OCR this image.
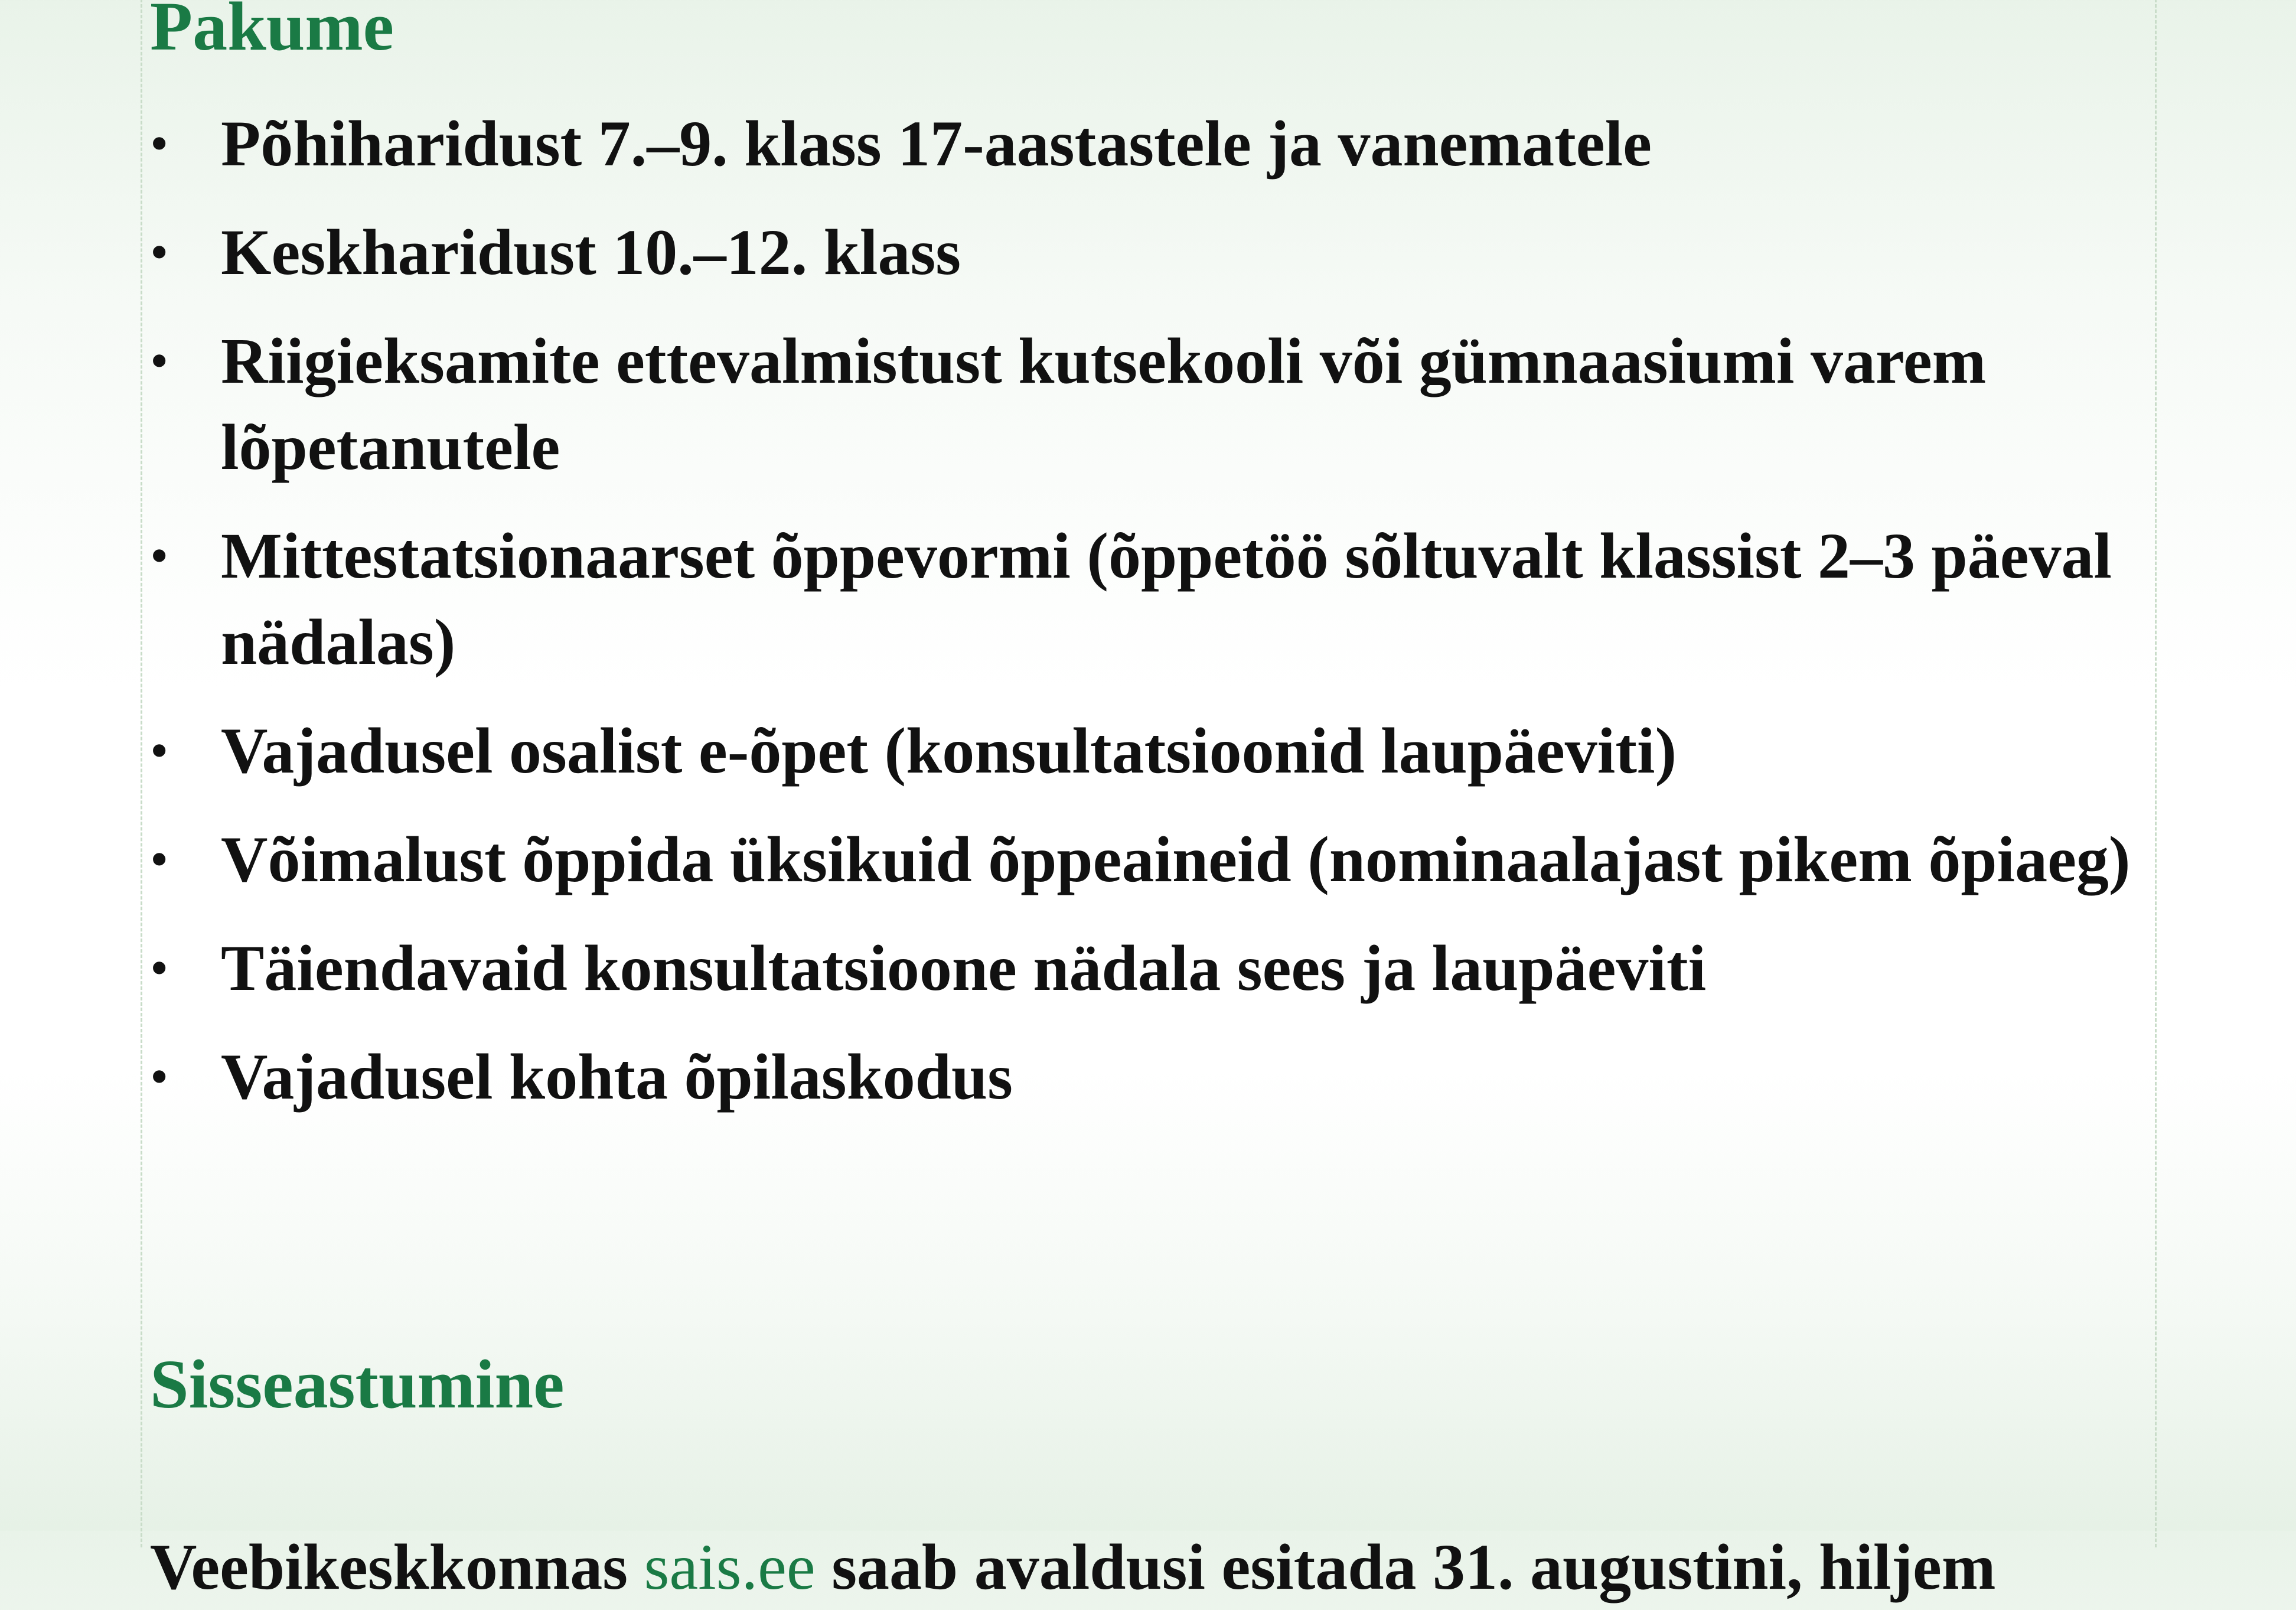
Pakume
• Põhiharidust 7.–9. klass 17-aastastele ja vanematele
• Keskharidust 10.–12. klass
• Riigieksamite ettevalmistust kutsekooli või gümnaasiumi varem lõpetanutele
• Mittestatsionaarset õppevormi (õppetöö sõltuvalt klassist 2–3 päeval nädalas)
• Vajadusel osalist e-õpet (konsultatsioonid laupäeviti)
• Võimalust õppida üksikuid õppeaineid (nominaalajast pikem õpiaeg)
• Täiendavaid konsultatsioone nädala sees ja laupäeviti
• Vajadusel kohta õpilaskodus
Sisseastumine

Veebikeskkonnas sais.ee saab avaldusi esitada 31. augustini, hiljem
